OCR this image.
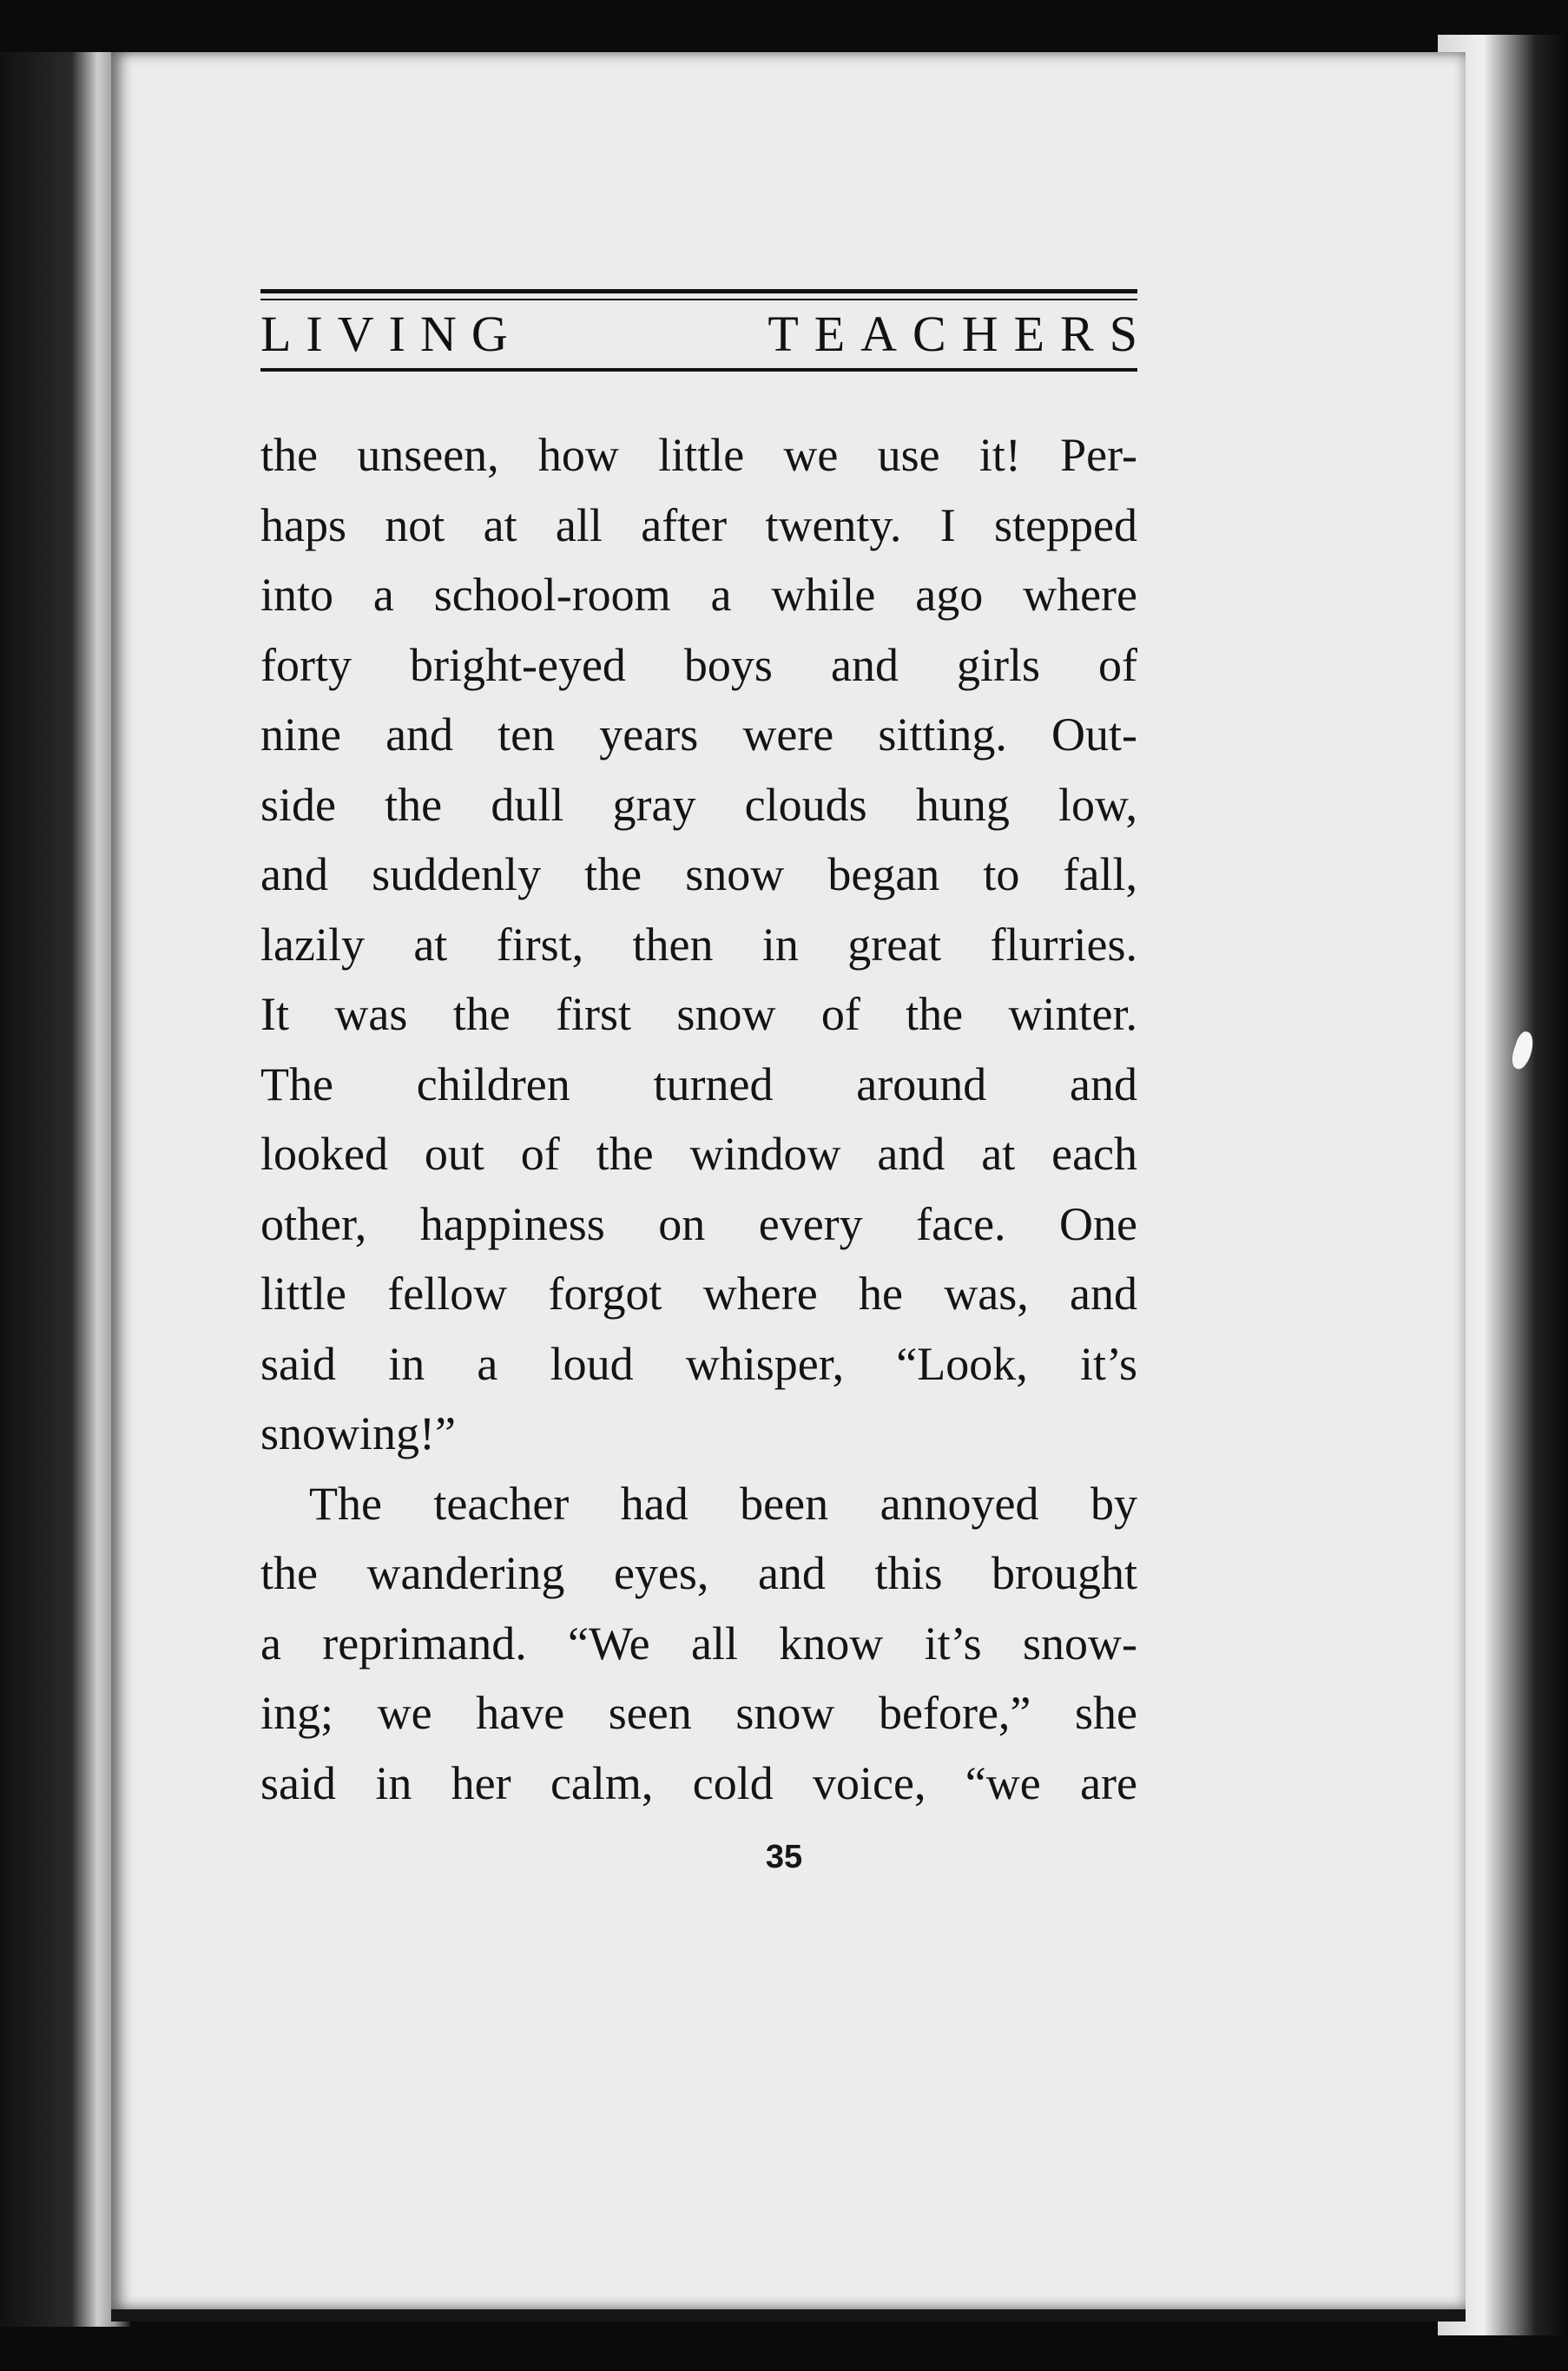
LIVING	TEACHERS
the unseen, how little we use it! Per-
haps not at all after twenty. I stepped
into a school-room a while ago where
forty bright-eyed boys and girls of
nine and ten years were sitting. Out-
side the dull gray clouds hung low,
and suddenly the snow began to fall,
lazily at first, then in great flurries.
It was the first snow of the winter.
The children turned around and
looked out of the window and at each
other, happiness on every face. One
little fellow forgot where he was, and
said in a loud whisper, “Look, it’s
snowing!”
The teacher had been annoyed by
the wandering eyes, and this brought
a reprimand. “We all know it’s snow-
ing; we have seen snow before,” she
said in her calm, cold voice, “we are
35
